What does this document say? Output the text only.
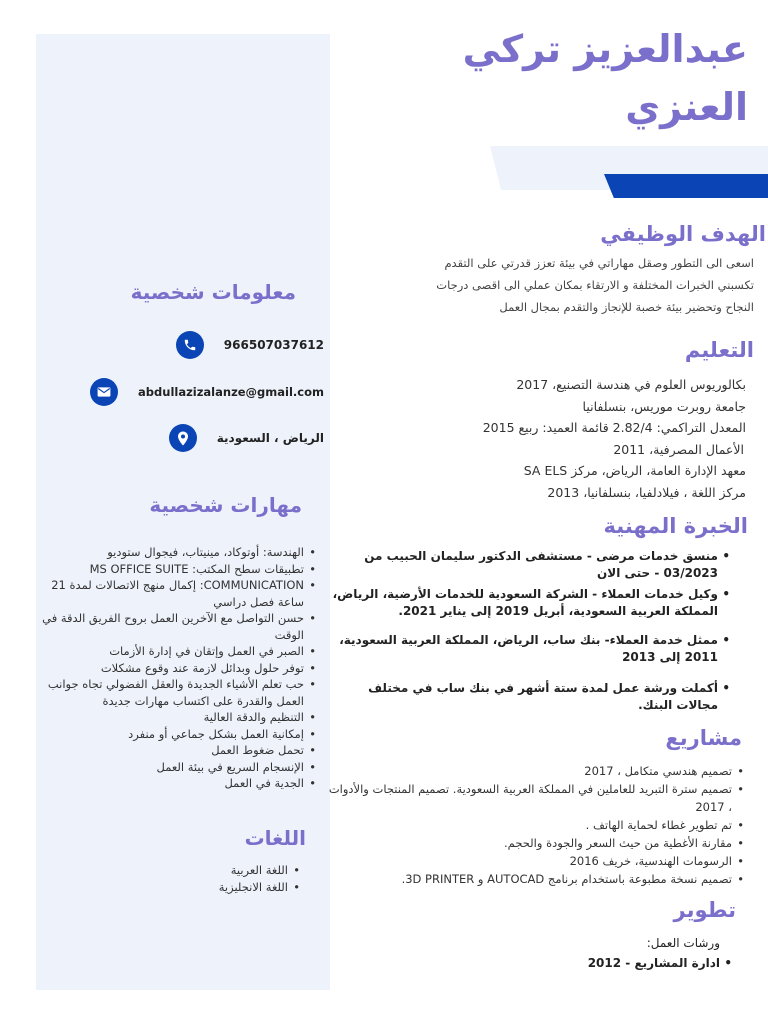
عبدالعزيز تركي
العنزي
الهدف الوظيفي
اسعى الى التطور وصقل مهاراتي في بيئة تعزز قدرتي على التقدم
تكسبني الخبرات المختلفة و الارتقاء بمكان عملي الى اقصى درجات
النجاح وتحضير بيئة خصبة للإنجاز والتقدم بمجال العمل
التعليم

بكالوريوس العلوم في هندسة التصنيع، 2017

جامعة روبرت موريس، بنسلفانيا

المعدل التراكمي: 2.82/4 قائمة العميد: ربيع 2015

الأعمال المصرفية، 2011

معهد الإدارة العامة، الرياض، مركز SA ELS

مركز اللغة ، فيلادلفيا، بنسلفانيا، 2013

الخبرة المهنية
• منسق خدمات مرضى - مستشفى الدكتور سليمان الحبيب من 03/2023 - حتى الان
• وكيل خدمات العملاء - الشركة السعودية للخدمات الأرضية، الرياض، المملكة العربية السعودية، أبريل 2019 إلى يناير 2021.
• ممثل خدمة العملاء- بنك ساب، الرياض، المملكة العربية السعودية، 2011 إلى 2013
• أكملت ورشة عمل لمدة ستة أشهر في بنك ساب في مختلف مجالات البنك.
مشاريع
• تصميم هندسي متكامل ، 2017
• تصميم سترة التبريد للعاملين في المملكة العربية السعودية. تصميم المنتجات والأدوات ، 2017
• تم تطوير غطاء لحماية الهاتف .
• مقارنة الأغطية من حيث السعر والجودة والحجم.
• الرسومات الهندسية، خريف 2016
• تصميم نسخة مطبوعة باستخدام برنامج AUTOCAD و 3D PRINTER.
تطوير
ورشات العمل:
• ادارة المشاريع - 2012
معلومات شخصية
966507037612
abdullazizalanze@gmail.com
الرياض ، السعودية
مهارات شخصية
• الهندسة: أوتوكاد، مينيتاب، فيجوال ستوديو
• تطبيقات سطح المكتب: MS OFFICE SUITE
• COMMUNICATION: إكمال منهج الاتصالات لمدة 21 ساعة فصل دراسي
• حسن التواصل مع الآخرين العمل بروح الفريق الدقة في الوقت
• الصبر في العمل وإتقان في إدارة الأزمات
• توفر حلول وبدائل لازمة عند وقوع مشكلات
• حب تعلم الأشياء الجديدة والعقل الفضولي تجاه جوانب العمل والقدرة على اكتساب مهارات جديدة
• التنظيم والدقة العالية
• إمكانية العمل بشكل جماعي أو منفرد
• تحمل ضغوط العمل
• الإنسجام السريع في بيئة العمل
• الجدية في العمل
اللغات
• اللغة العربية
• اللغة الانجليزية
